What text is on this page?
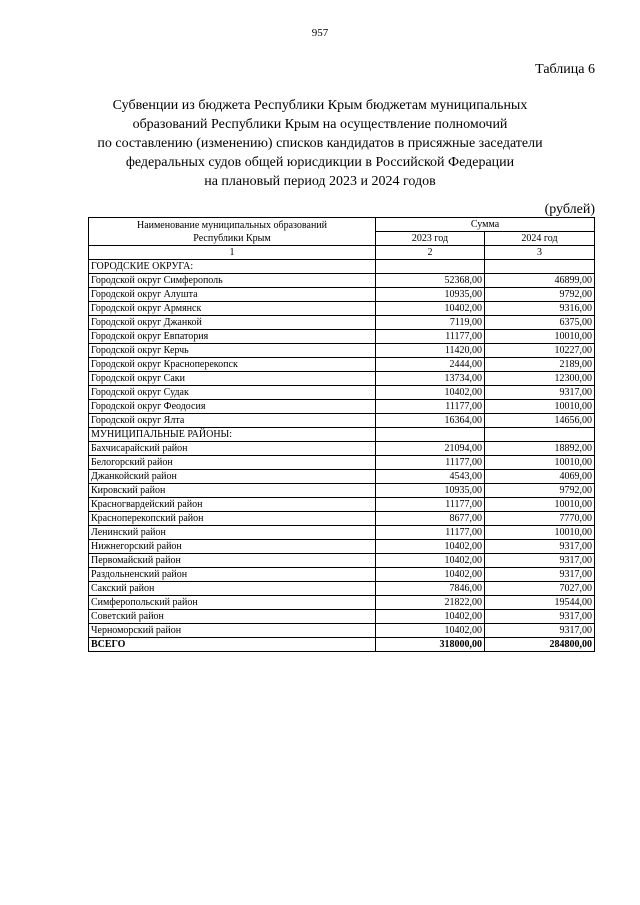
957
Таблица 6
Субвенции из бюджета Республики Крым бюджетам муниципальных
образований Республики Крым на осуществление полномочий
по составлению (изменению) списков кандидатов в присяжные заседатели
федеральных судов общей юрисдикции в Российской Федерации
на плановый период 2023 и 2024 годов
(рублей)
Наименование муниципальных образований
Республики Крым	Сумма	
	2023 год	2024 год
1	2	3
ГОРОДСКИЕ ОКРУГА:		
Городской округ Симферополь	52368,00	46899,00
Городской округ Алушта	10935,00	9792,00
Городской округ Армянск	10402,00	9316,00
Городской округ Джанкой	7119,00	6375,00
Городской округ Евпатория	11177,00	10010,00
Городской округ Керчь	11420,00	10227,00
Городской округ Красноперекопск	2444,00	2189,00
Городской округ Саки	13734,00	12300,00
Городской округ Судак	10402,00	9317,00
Городской округ Феодосия	11177,00	10010,00
Городской округ Ялта	16364,00	14656,00
МУНИЦИПАЛЬНЫЕ РАЙОНЫ:		
Бахчисарайский район	21094,00	18892,00
Белогорский район	11177,00	10010,00
Джанкойский район	4543,00	4069,00
Кировский район	10935,00	9792,00
Красногвардейский район	11177,00	10010,00
Красноперекопский район	8677,00	7770,00
Ленинский район	11177,00	10010,00
Нижнегорский район	10402,00	9317,00
Первомайский район	10402,00	9317,00
Раздольненский район	10402,00	9317,00
Сакский район	7846,00	7027,00
Симферопольский район	21822,00	19544,00
Советский район	10402,00	9317,00
Черноморский район	10402,00	9317,00
ВСЕГО	318000,00	284800,00
